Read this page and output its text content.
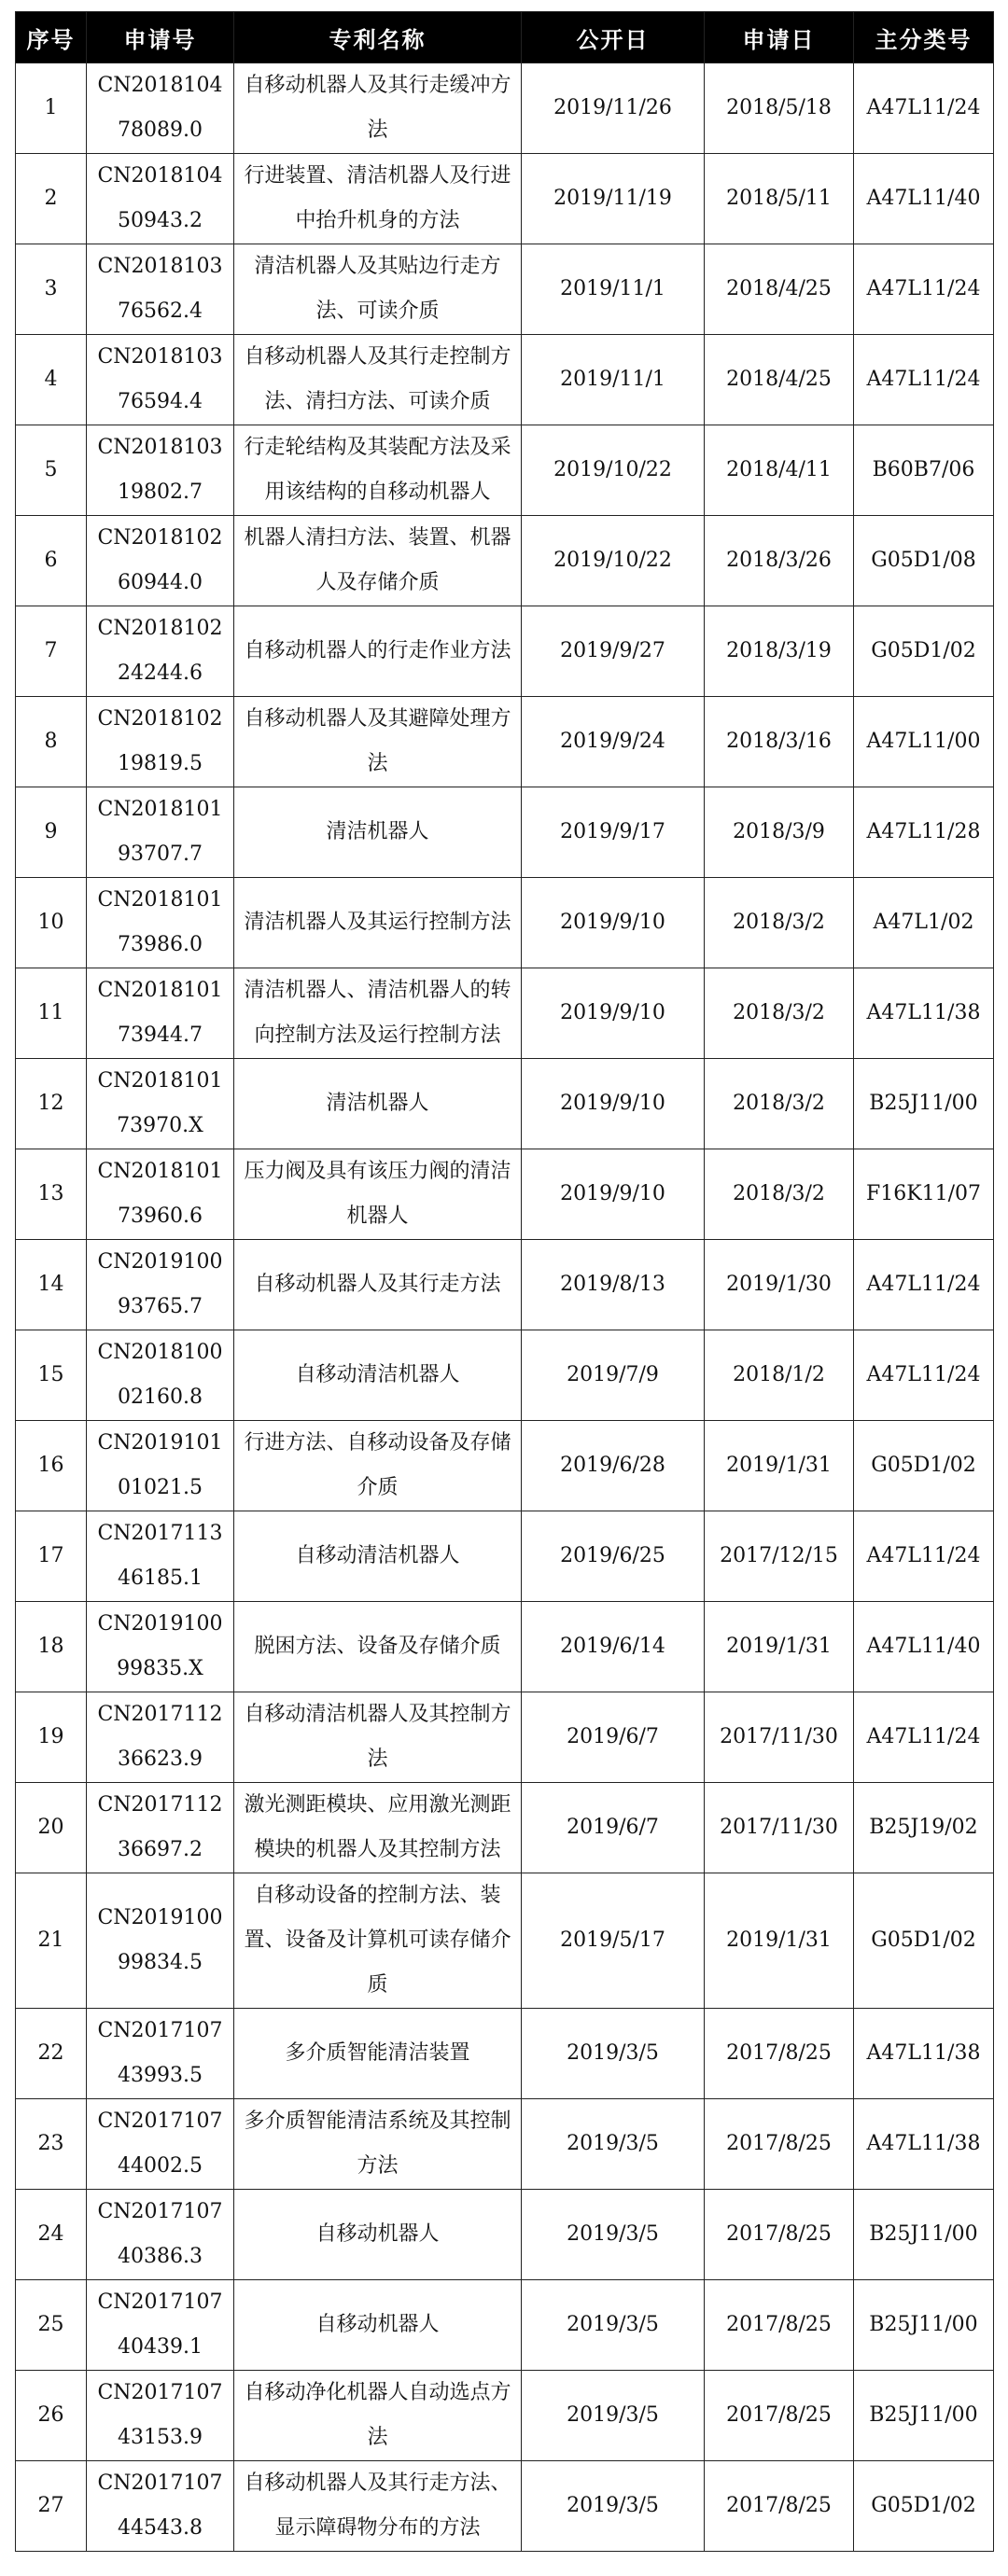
序号	申请号	专利名称	公开日	申请日	主分类号
1	CN201810478089.0	自移动机器人及其行走缓冲方法	2019/11/26	2018/5/18	A47L11/24
2	CN201810450943.2	行进装置、清洁机器人及行进中抬升机身的方法	2019/11/19	2018/5/11	A47L11/40
3	CN201810376562.4	清洁机器人及其贴边行走方法、可读介质	2019/11/1	2018/4/25	A47L11/24
4	CN201810376594.4	自移动机器人及其行走控制方法、清扫方法、可读介质	2019/11/1	2018/4/25	A47L11/24
5	CN201810319802.7	行走轮结构及其装配方法及采用该结构的自移动机器人	2019/10/22	2018/4/11	B60B7/06
6	CN201810260944.0	机器人清扫方法、装置、机器人及存储介质	2019/10/22	2018/3/26	G05D1/08
7	CN201810224244.6	自移动机器人的行走作业方法	2019/9/27	2018/3/19	G05D1/02
8	CN201810219819.5	自移动机器人及其避障处理方法	2019/9/24	2018/3/16	A47L11/00
9	CN201810193707.7	清洁机器人	2019/9/17	2018/3/9	A47L11/28
10	CN201810173986.0	清洁机器人及其运行控制方法	2019/9/10	2018/3/2	A47L1/02
11	CN201810173944.7	清洁机器人、清洁机器人的转向控制方法及运行控制方法	2019/9/10	2018/3/2	A47L11/38
12	CN201810173970.X	清洁机器人	2019/9/10	2018/3/2	B25J11/00
13	CN201810173960.6	压力阀及具有该压力阀的清洁机器人	2019/9/10	2018/3/2	F16K11/07
14	CN201910093765.7	自移动机器人及其行走方法	2019/8/13	2019/1/30	A47L11/24
15	CN201810002160.8	自移动清洁机器人	2019/7/9	2018/1/2	A47L11/24
16	CN201910101021.5	行进方法、自移动设备及存储介质	2019/6/28	2019/1/31	G05D1/02
17	CN201711346185.1	自移动清洁机器人	2019/6/25	2017/12/15	A47L11/24
18	CN201910099835.X	脱困方法、设备及存储介质	2019/6/14	2019/1/31	A47L11/40
19	CN201711236623.9	自移动清洁机器人及其控制方法	2019/6/7	2017/11/30	A47L11/24
20	CN201711236697.2	激光测距模块、应用激光测距模块的机器人及其控制方法	2019/6/7	2017/11/30	B25J19/02
21	CN201910099834.5	自移动设备的控制方法、装置、设备及计算机可读存储介质	2019/5/17	2019/1/31	G05D1/02
22	CN201710743993.5	多介质智能清洁装置	2019/3/5	2017/8/25	A47L11/38
23	CN201710744002.5	多介质智能清洁系统及其控制方法	2019/3/5	2017/8/25	A47L11/38
24	CN201710740386.3	自移动机器人	2019/3/5	2017/8/25	B25J11/00
25	CN201710740439.1	自移动机器人	2019/3/5	2017/8/25	B25J11/00
26	CN201710743153.9	自移动净化机器人自动选点方法	2019/3/5	2017/8/25	B25J11/00
27	CN201710744543.8	自移动机器人及其行走方法、显示障碍物分布的方法	2019/3/5	2017/8/25	G05D1/02
